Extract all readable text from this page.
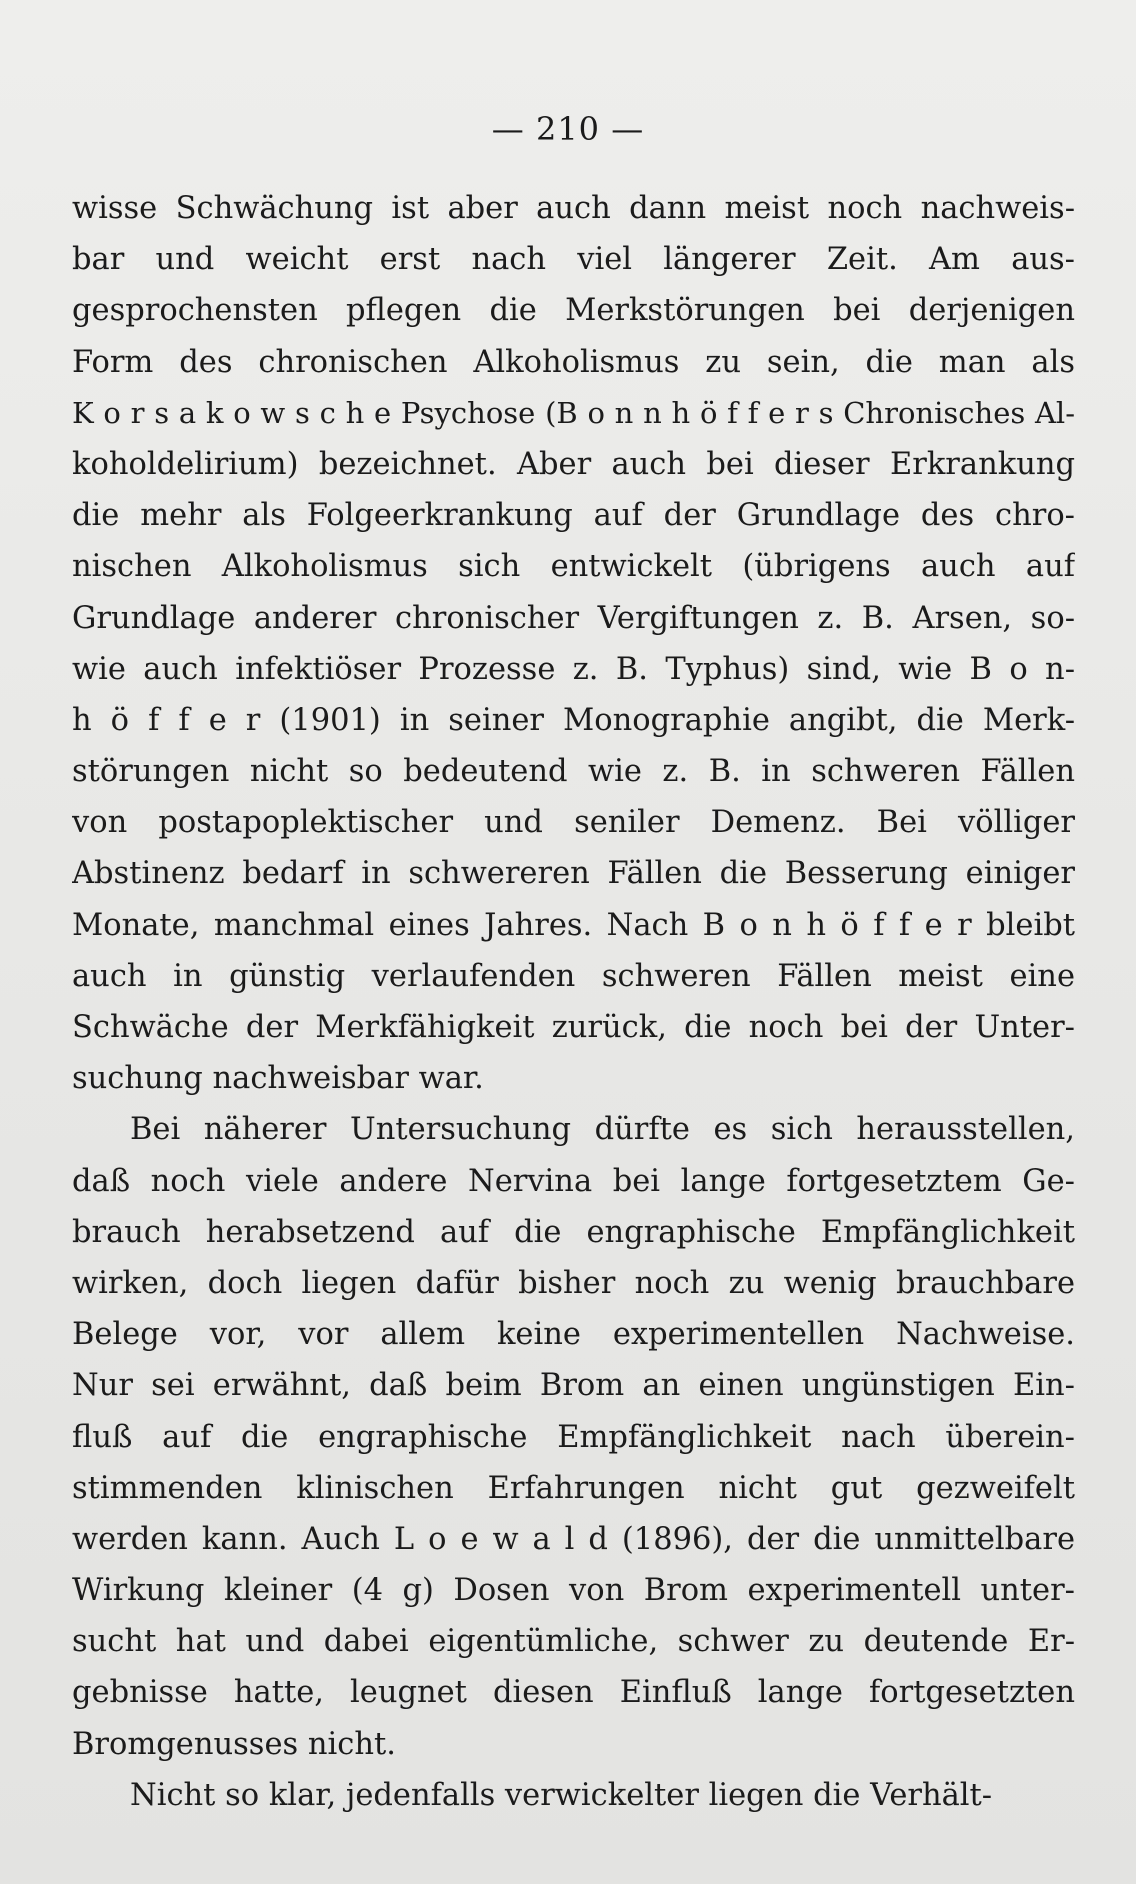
— 210 —
wisse Schwächung ist aber auch dann meist noch nachweis-
bar und weicht erst nach viel längerer Zeit. Am aus-
gesprochensten pflegen die Merkstörungen bei derjenigen
Form des chronischen Alkoholismus zu sein, die man als
K o r s a k o w s c h e Psychose (B o n n h ö f f e r s Chronisches Al-
koholdelirium) bezeichnet. Aber auch bei dieser Erkrankung
die mehr als Folgeerkrankung auf der Grundlage des chro-
nischen Alkoholismus sich entwickelt (übrigens auch auf
Grundlage anderer chronischer Vergiftungen z. B. Arsen, so-
wie auch infektiöser Prozesse z. B. Typhus) sind, wie B o n-
h ö f f e r (1901) in seiner Monographie angibt, die Merk-
störungen nicht so bedeutend wie z. B. in schweren Fällen
von postapoplektischer und seniler Demenz. Bei völliger
Abstinenz bedarf in schwereren Fällen die Besserung einiger
Monate, manchmal eines Jahres. Nach B o n h ö f f e r bleibt
auch in günstig verlaufenden schweren Fällen meist eine
Schwäche der Merkfähigkeit zurück, die noch bei der Unter-
suchung nachweisbar war.
Bei näherer Untersuchung dürfte es sich herausstellen,
daß noch viele andere Nervina bei lange fortgesetztem Ge-
brauch herabsetzend auf die engraphische Empfänglichkeit
wirken, doch liegen dafür bisher noch zu wenig brauchbare
Belege vor, vor allem keine experimentellen Nachweise.
Nur sei erwähnt, daß beim Brom an einen ungünstigen Ein-
fluß auf die engraphische Empfänglichkeit nach überein-
stimmenden klinischen Erfahrungen nicht gut gezweifelt
werden kann. Auch L o e w a l d (1896), der die unmittelbare
Wirkung kleiner (4 g) Dosen von Brom experimentell unter-
sucht hat und dabei eigentümliche, schwer zu deutende Er-
gebnisse hatte, leugnet diesen Einfluß lange fortgesetzten
Bromgenusses nicht.
Nicht so klar, jedenfalls verwickelter liegen die Verhält-
